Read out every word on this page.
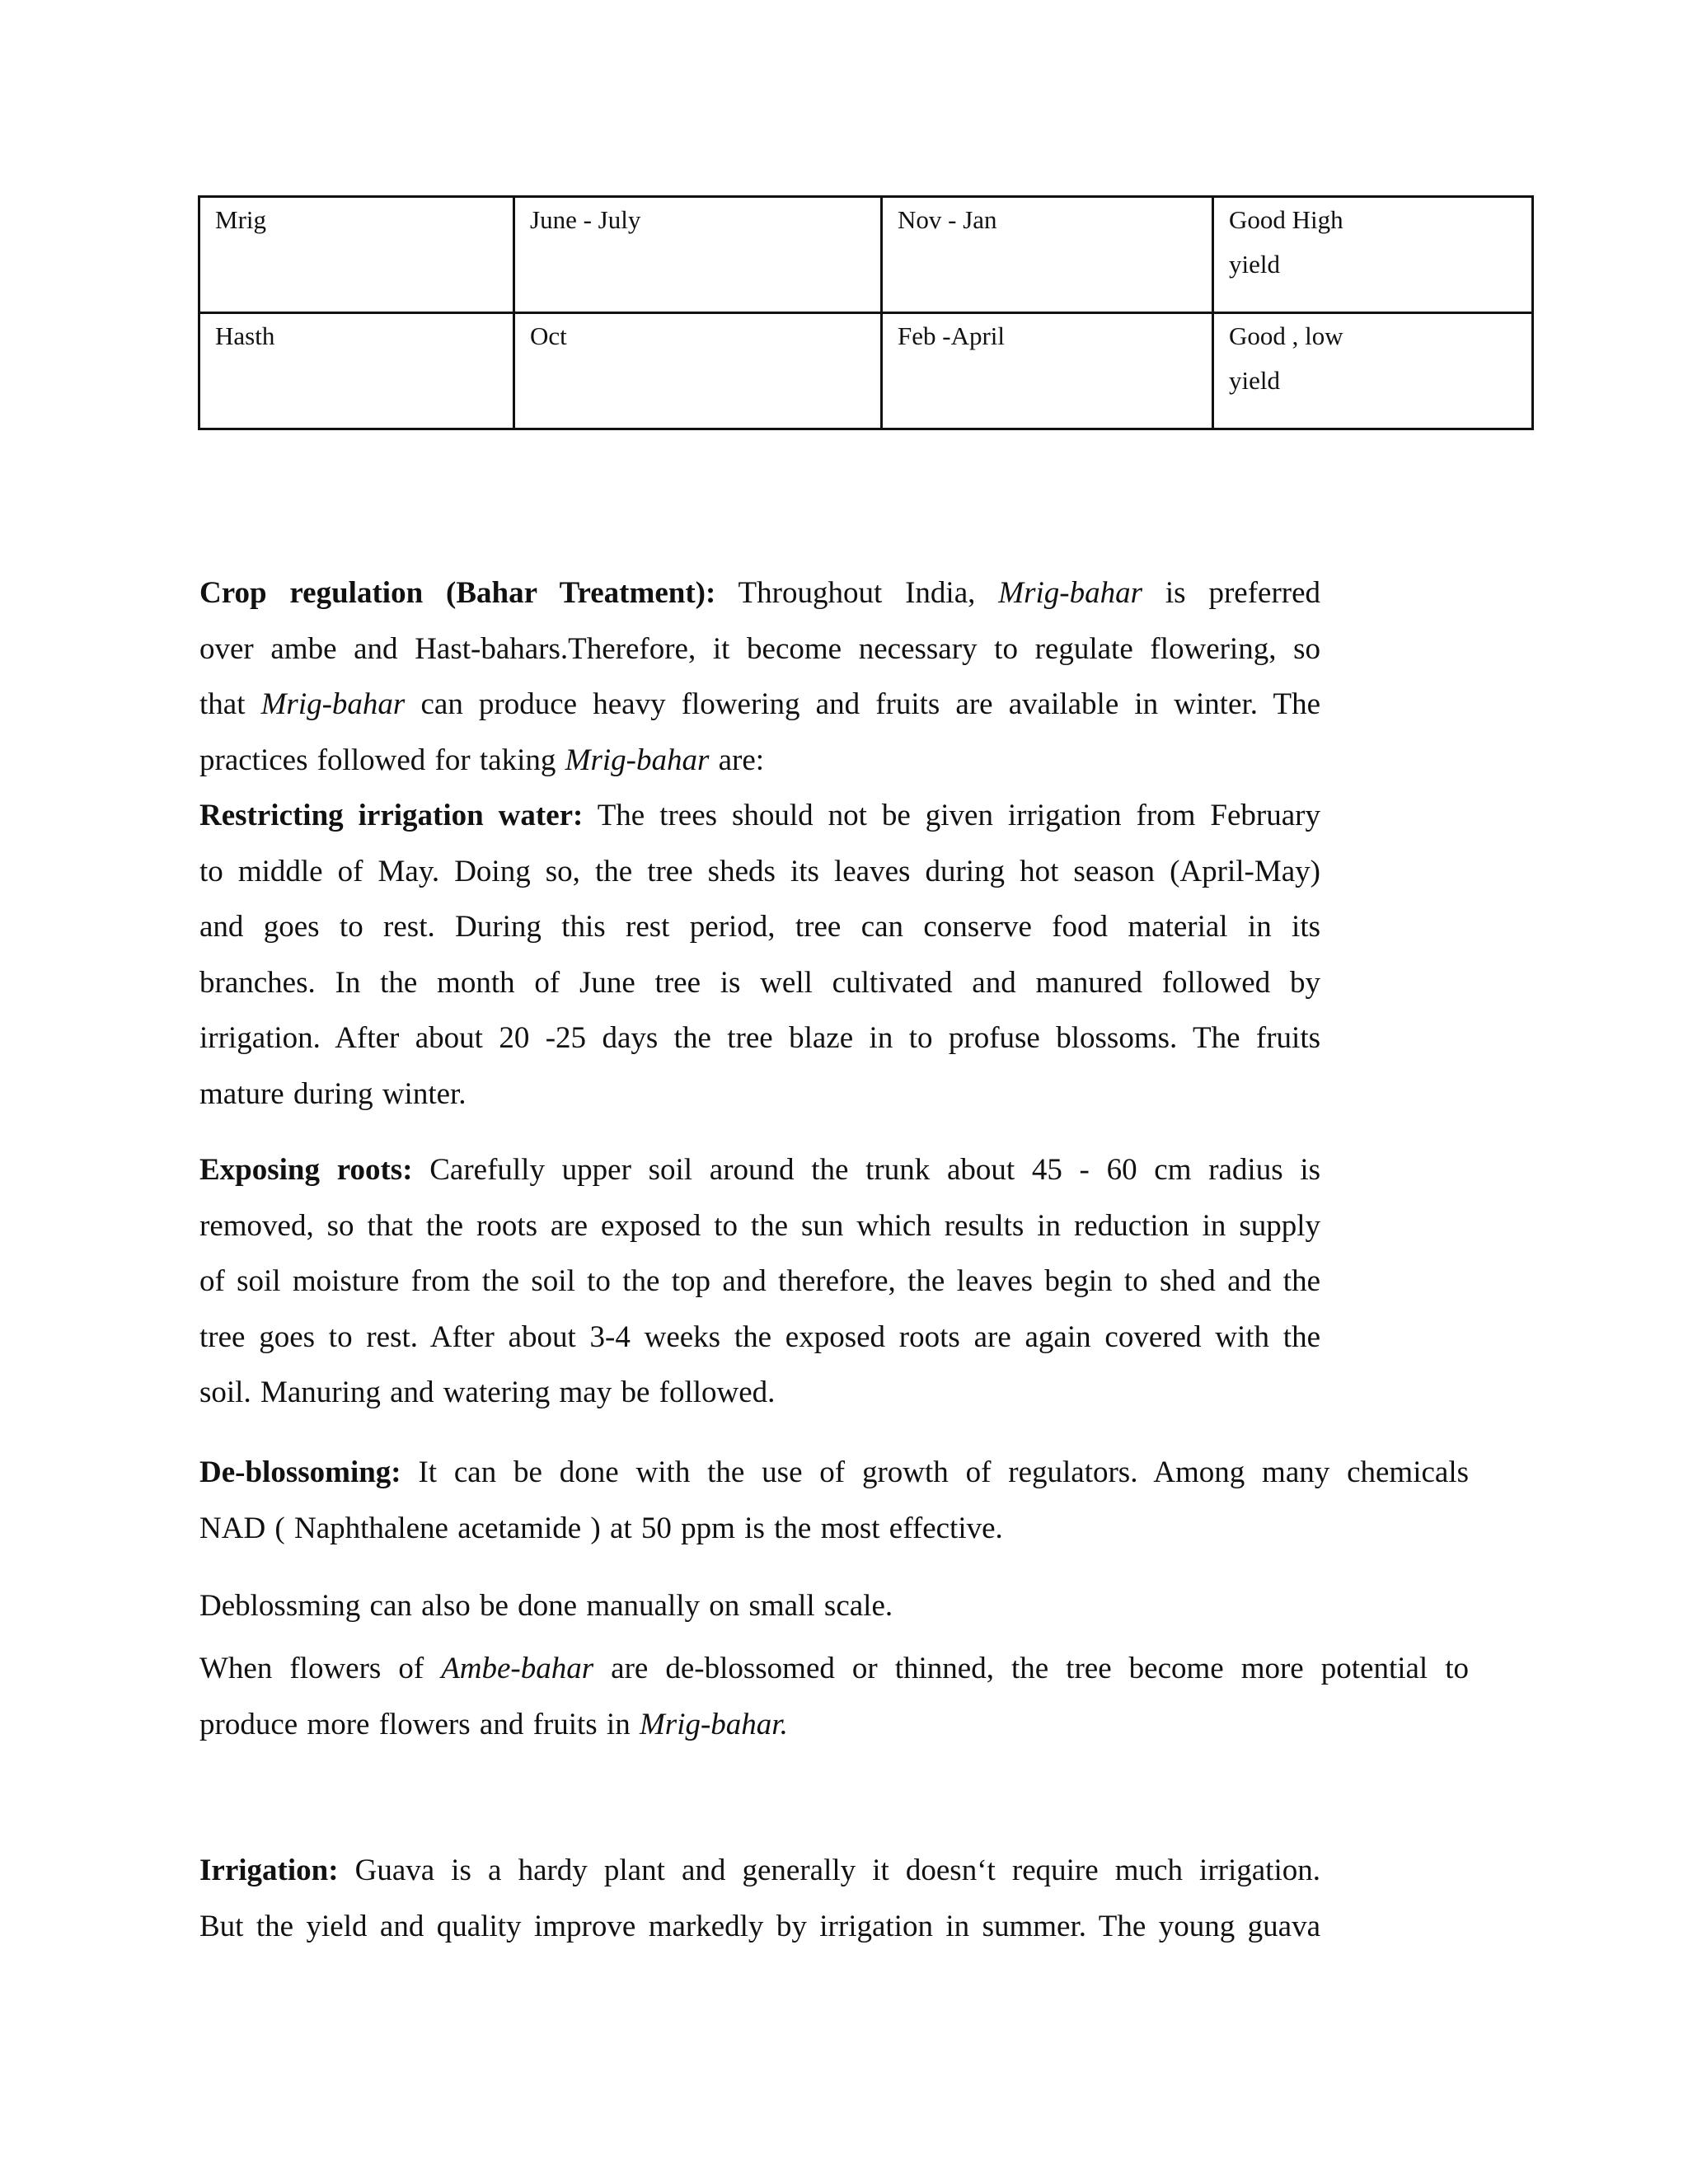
Mrig	June - July	Nov - Jan	Good High
yield

Hasth	Oct	Feb -April	Good , low
yield
Crop regulation (Bahar Treatment): Throughout India, Mrig-bahar is preferred
over ambe and Hast-bahars.Therefore, it become necessary to regulate flowering, so
that Mrig-bahar can produce heavy flowering and fruits are available in winter. The
practices followed for taking Mrig-bahar are:
Restricting irrigation water: The trees should not be given irrigation from February
to middle of May. Doing so, the tree sheds its leaves during hot season (April-May)
and goes to rest. During this rest period, tree can conserve food material in its
branches. In the month of June tree is well cultivated and manured followed by
irrigation. After about 20 -25 days the tree blaze in to profuse blossoms. The fruits
mature during winter.
Exposing roots: Carefully upper soil around the trunk about 45 - 60 cm radius is
removed, so that the roots are exposed to the sun which results in reduction in supply
of soil moisture from the soil to the top and therefore, the leaves begin to shed and the
tree goes to rest. After about 3-4 weeks the exposed roots are again covered with the
soil. Manuring and watering may be followed.
De-blossoming: It can be done with the use of growth of regulators. Among many chemicals
NAD ( Naphthalene acetamide ) at 50 ppm is the most effective.
Deblossming can also be done manually on small scale.
When flowers of Ambe-bahar are de-blossomed or thinned, the tree become more potential to
produce more flowers and fruits in Mrig-bahar.
Irrigation: Guava is a hardy plant and generally it doesn‘t require much irrigation.
But the yield and quality improve markedly by irrigation in summer. The young guava
